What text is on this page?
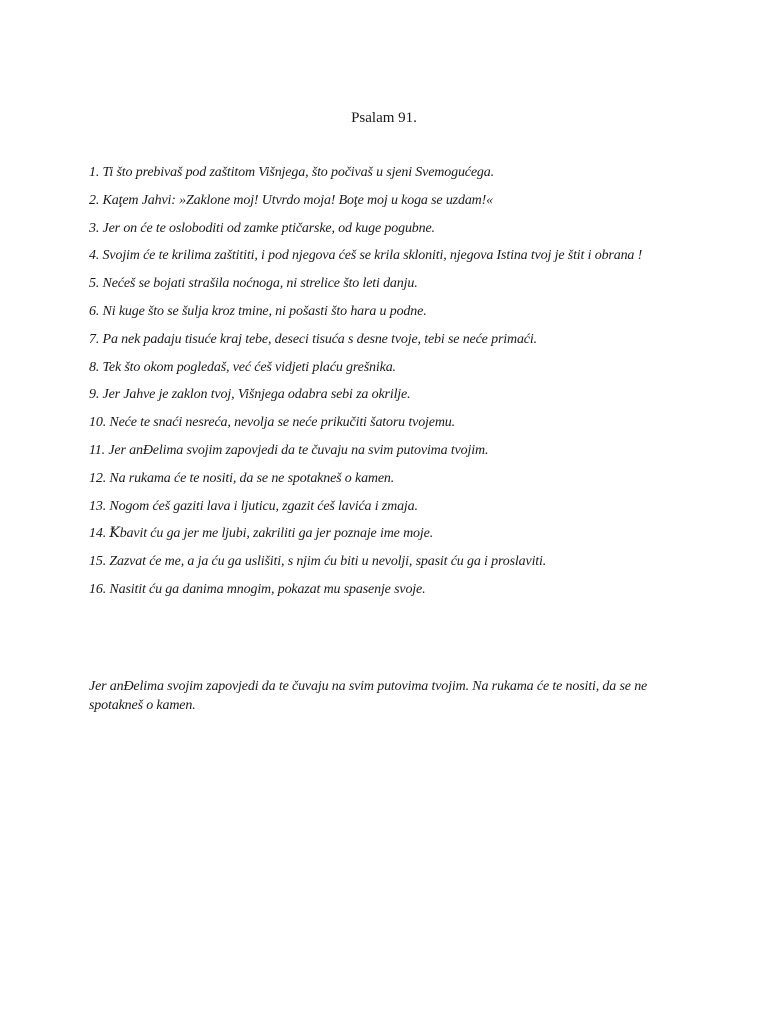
Psalam 91.
1. Ti što prebivaš pod zaštitom Višnjega, što počivaš u sjeni Svemogućega.
2. Kaţem Jahvi: »Zaklone moj! Utvrdo moja! Boţe moj u koga se uzdam!«
3. Jer on će te osloboditi od zamke ptičarske, od kuge pogubne.
4. Svojim će te krilima zaštititi, i pod njegova ćeš se krila skloniti, njegova Istina tvoj je štit i obrana !
5. Nećeš se bojati strašila noćnoga, ni strelice što leti danju.
6. Ni kuge što se šulja kroz tmine, ni pošasti što hara u podne.
7. Pa nek padaju tisuće kraj tebe, deseci tisuća s desne tvoje, tebi se neće primaći.
8. Tek što okom pogledaš, već ćeš vidjeti plaću grešnika.
9. Jer Jahve je zaklon tvoj, Višnjega odabra sebi za okrilje.
10. Neće te snaći nesreća, nevolja se neće prikučiti šatoru tvojemu.
11. Jer anĐelima svojim zapovjedi da te čuvaju na svim putovima tvojim.
12. Na rukama će te nositi, da se ne spotakneš o kamen.
13. Nogom ćeš gaziti lava i ljuticu, zgazit ćeš lavića i zmaja.
14. Ꝁbavit ću ga jer me ljubi, zakriliti ga jer poznaje ime moje.
15. Zazvat će me, a ja ću ga uslišiti, s njim ću biti u nevolji, spasit ću ga i proslaviti.
16. Nasitit ću ga danima mnogim, pokazat mu spasenje svoje.

Jer anĐelima svojim zapovjedi da te čuvaju na svim putovima tvojim. Na rukama će te nositi, da se ne spotakneš o kamen.
